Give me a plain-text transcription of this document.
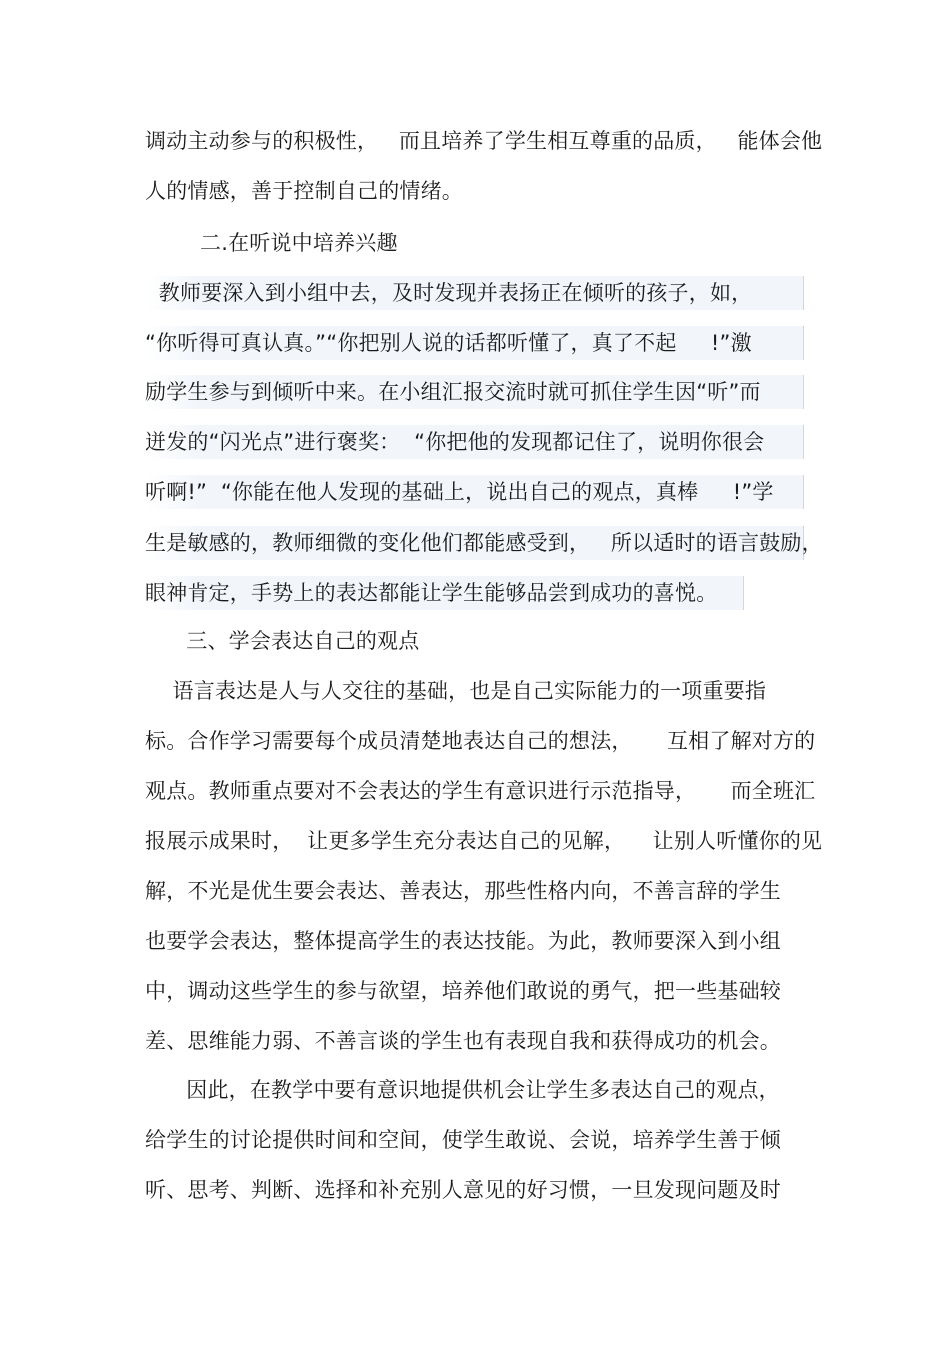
调动主动参与的积极性，   而且培养了学生相互尊重的品质，   能体会他
人的情感，善于控制自己的情绪。
二.在听说中培养兴趣
教师要深入到小组中去，及时发现并表扬正在倾听的孩子，如，
“你听得可真认真。”“你把别人说的话都听懂了，真了不起     !”激
励学生参与到倾听中来。在小组汇报交流时就可抓住学生因“听”而
迸发的“闪光点”进行褒奖：  “你把他的发现都记住了，说明你很会
听啊!”  “你能在他人发现的基础上，说出自己的观点，真棒     !”学
生是敏感的，教师细微的变化他们都能感受到，   所以适时的语言鼓励，
眼神肯定，手势上的表达都能让学生能够品尝到成功的喜悦。
三、学会表达自己的观点
语言表达是人与人交往的基础，也是自己实际能力的一项重要指
标。合作学习需要每个成员清楚地表达自己的想法，     互相了解对方的
观点。教师重点要对不会表达的学生有意识进行示范指导，     而全班汇
报展示成果时，  让更多学生充分表达自己的见解，    让别人听懂你的见
解，不光是优生要会表达、善表达，那些性格内向，不善言辞的学生
也要学会表达，整体提高学生的表达技能。为此，教师要深入到小组
中，调动这些学生的参与欲望，培养他们敢说的勇气，把一些基础较
差、思维能力弱、不善言谈的学生也有表现自我和获得成功的机会。
因此，在教学中要有意识地提供机会让学生多表达自己的观点，
给学生的讨论提供时间和空间，使学生敢说、会说，培养学生善于倾
听、思考、判断、选择和补充别人意见的好习惯，一旦发现问题及时
